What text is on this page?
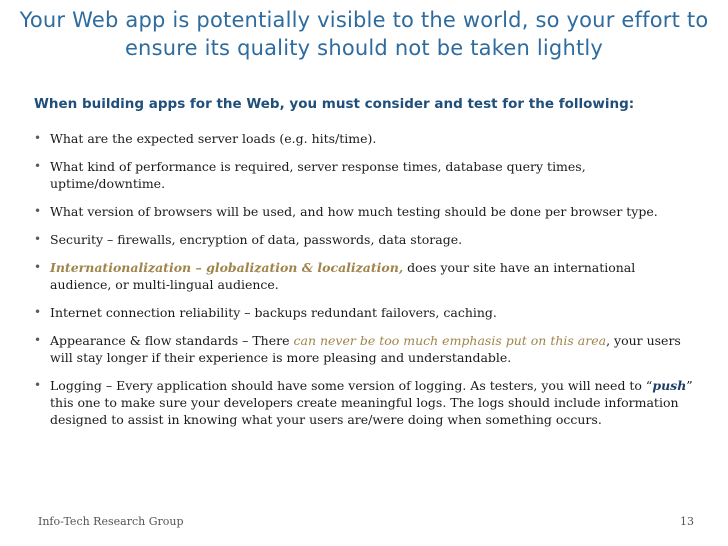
Your Web app is potentially visible to the world, so your effort to
ensure its quality should not be taken lightly
When building apps for the Web, you must consider and test for the following:
• What are the expected server loads (e.g. hits/time).
• What kind of performance is required, server response times, database query times,
uptime/downtime.
• What version of browsers will be used, and how much testing should be done per browser type.
• Security – firewalls, encryption of data, passwords, data storage.
• Internationalization – globalization & localization, does your site have an international
audience, or multi-lingual audience.
• Internet connection reliability – backups redundant failovers, caching.
• Appearance & flow standards – There can never be too much emphasis put on this area, your users
will stay longer if their experience is more pleasing and understandable.
• Logging – Every application should have some version of logging. As testers, you will need to “push”
this one to make sure your developers create meaningful logs. The logs should include information
designed to assist in knowing what your users are/were doing when something occurs.
Info-Tech Research Group	13
